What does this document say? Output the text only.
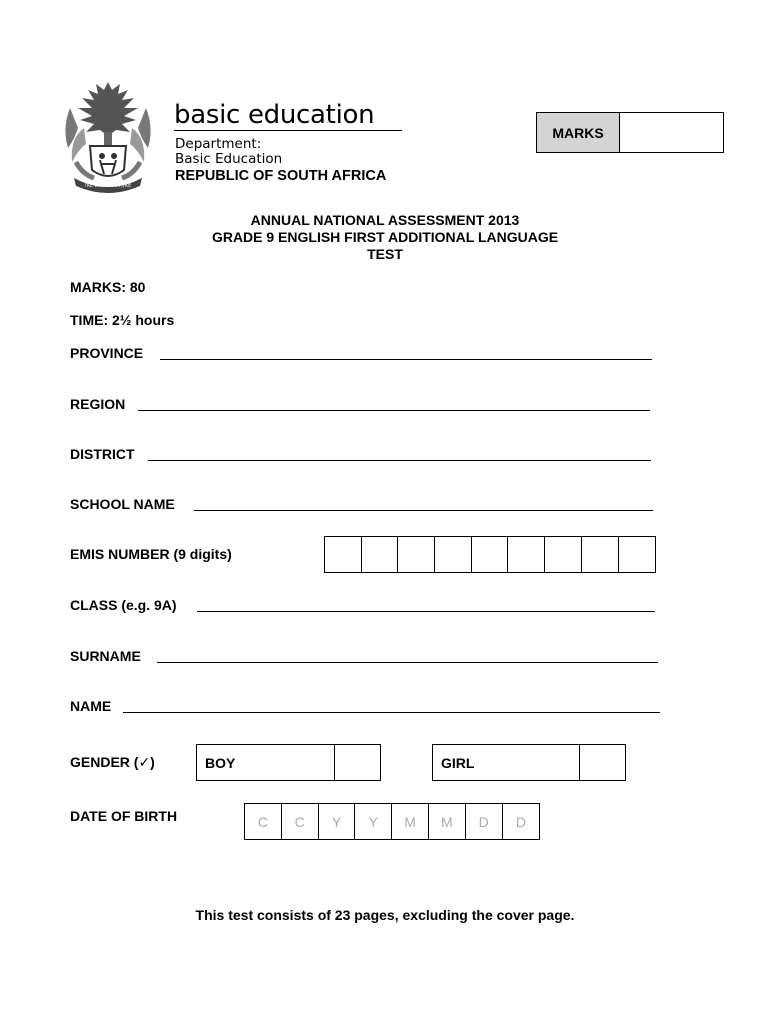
!KE E: /XARRA //KE
basic education
Department:
Basic Education
REPUBLIC OF SOUTH AFRICA
MARKS
ANNUAL NATIONAL ASSESSMENT 2013
GRADE 9 ENGLISH FIRST ADDITIONAL LANGUAGE
TEST
MARKS: 80
TIME: 2½ hours
PROVINCE
REGION
DISTRICT
SCHOOL NAME
EMIS NUMBER (9 digits)
CLASS (e.g. 9A)
SURNAME
NAME
GENDER (✓)	BOY	GIRL
DATE OF BIRTH	C	C	Y	Y	M	M	D	D
This test consists of 23 pages, excluding the cover page.
